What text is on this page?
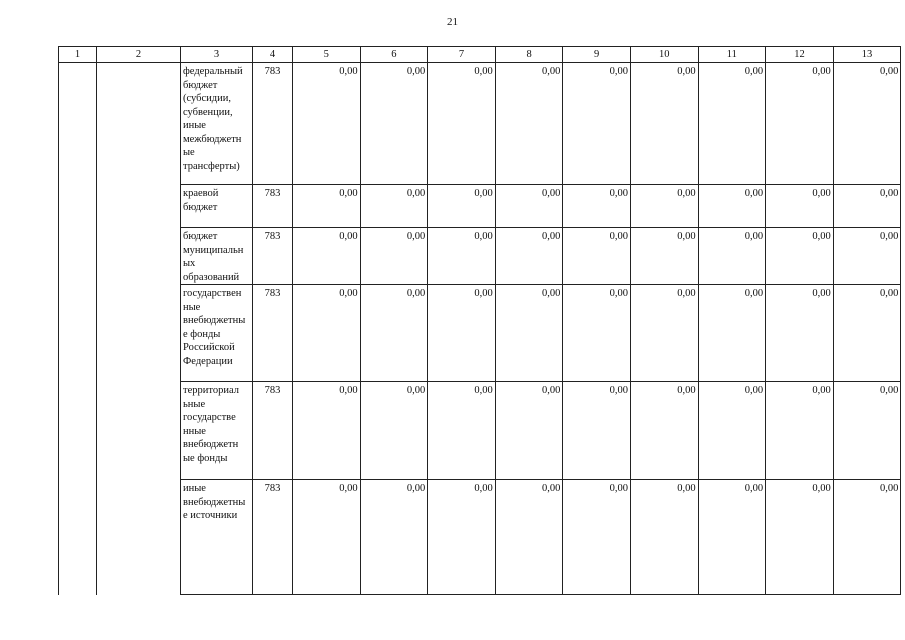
21
1	2	3	4	5	6	7	8	9	10	11	12	13
		федеральный бюджет (субсидии, субвенции, иные межбюджетн ые трансферты)	783	0,00	0,00	0,00	0,00	0,00	0,00	0,00	0,00	0,00
		краевой бюджет	783	0,00	0,00	0,00	0,00	0,00	0,00	0,00	0,00	0,00
		бюджет муниципальн ых образований	783	0,00	0,00	0,00	0,00	0,00	0,00	0,00	0,00	0,00
		государствен ные внебюджетны е фонды Российской Федерации	783	0,00	0,00	0,00	0,00	0,00	0,00	0,00	0,00	0,00
		территориал ьные государстве нные внебюджетн ые фонды	783	0,00	0,00	0,00	0,00	0,00	0,00	0,00	0,00	0,00
		иные внебюджетны е источники	783	0,00	0,00	0,00	0,00	0,00	0,00	0,00	0,00	0,00
